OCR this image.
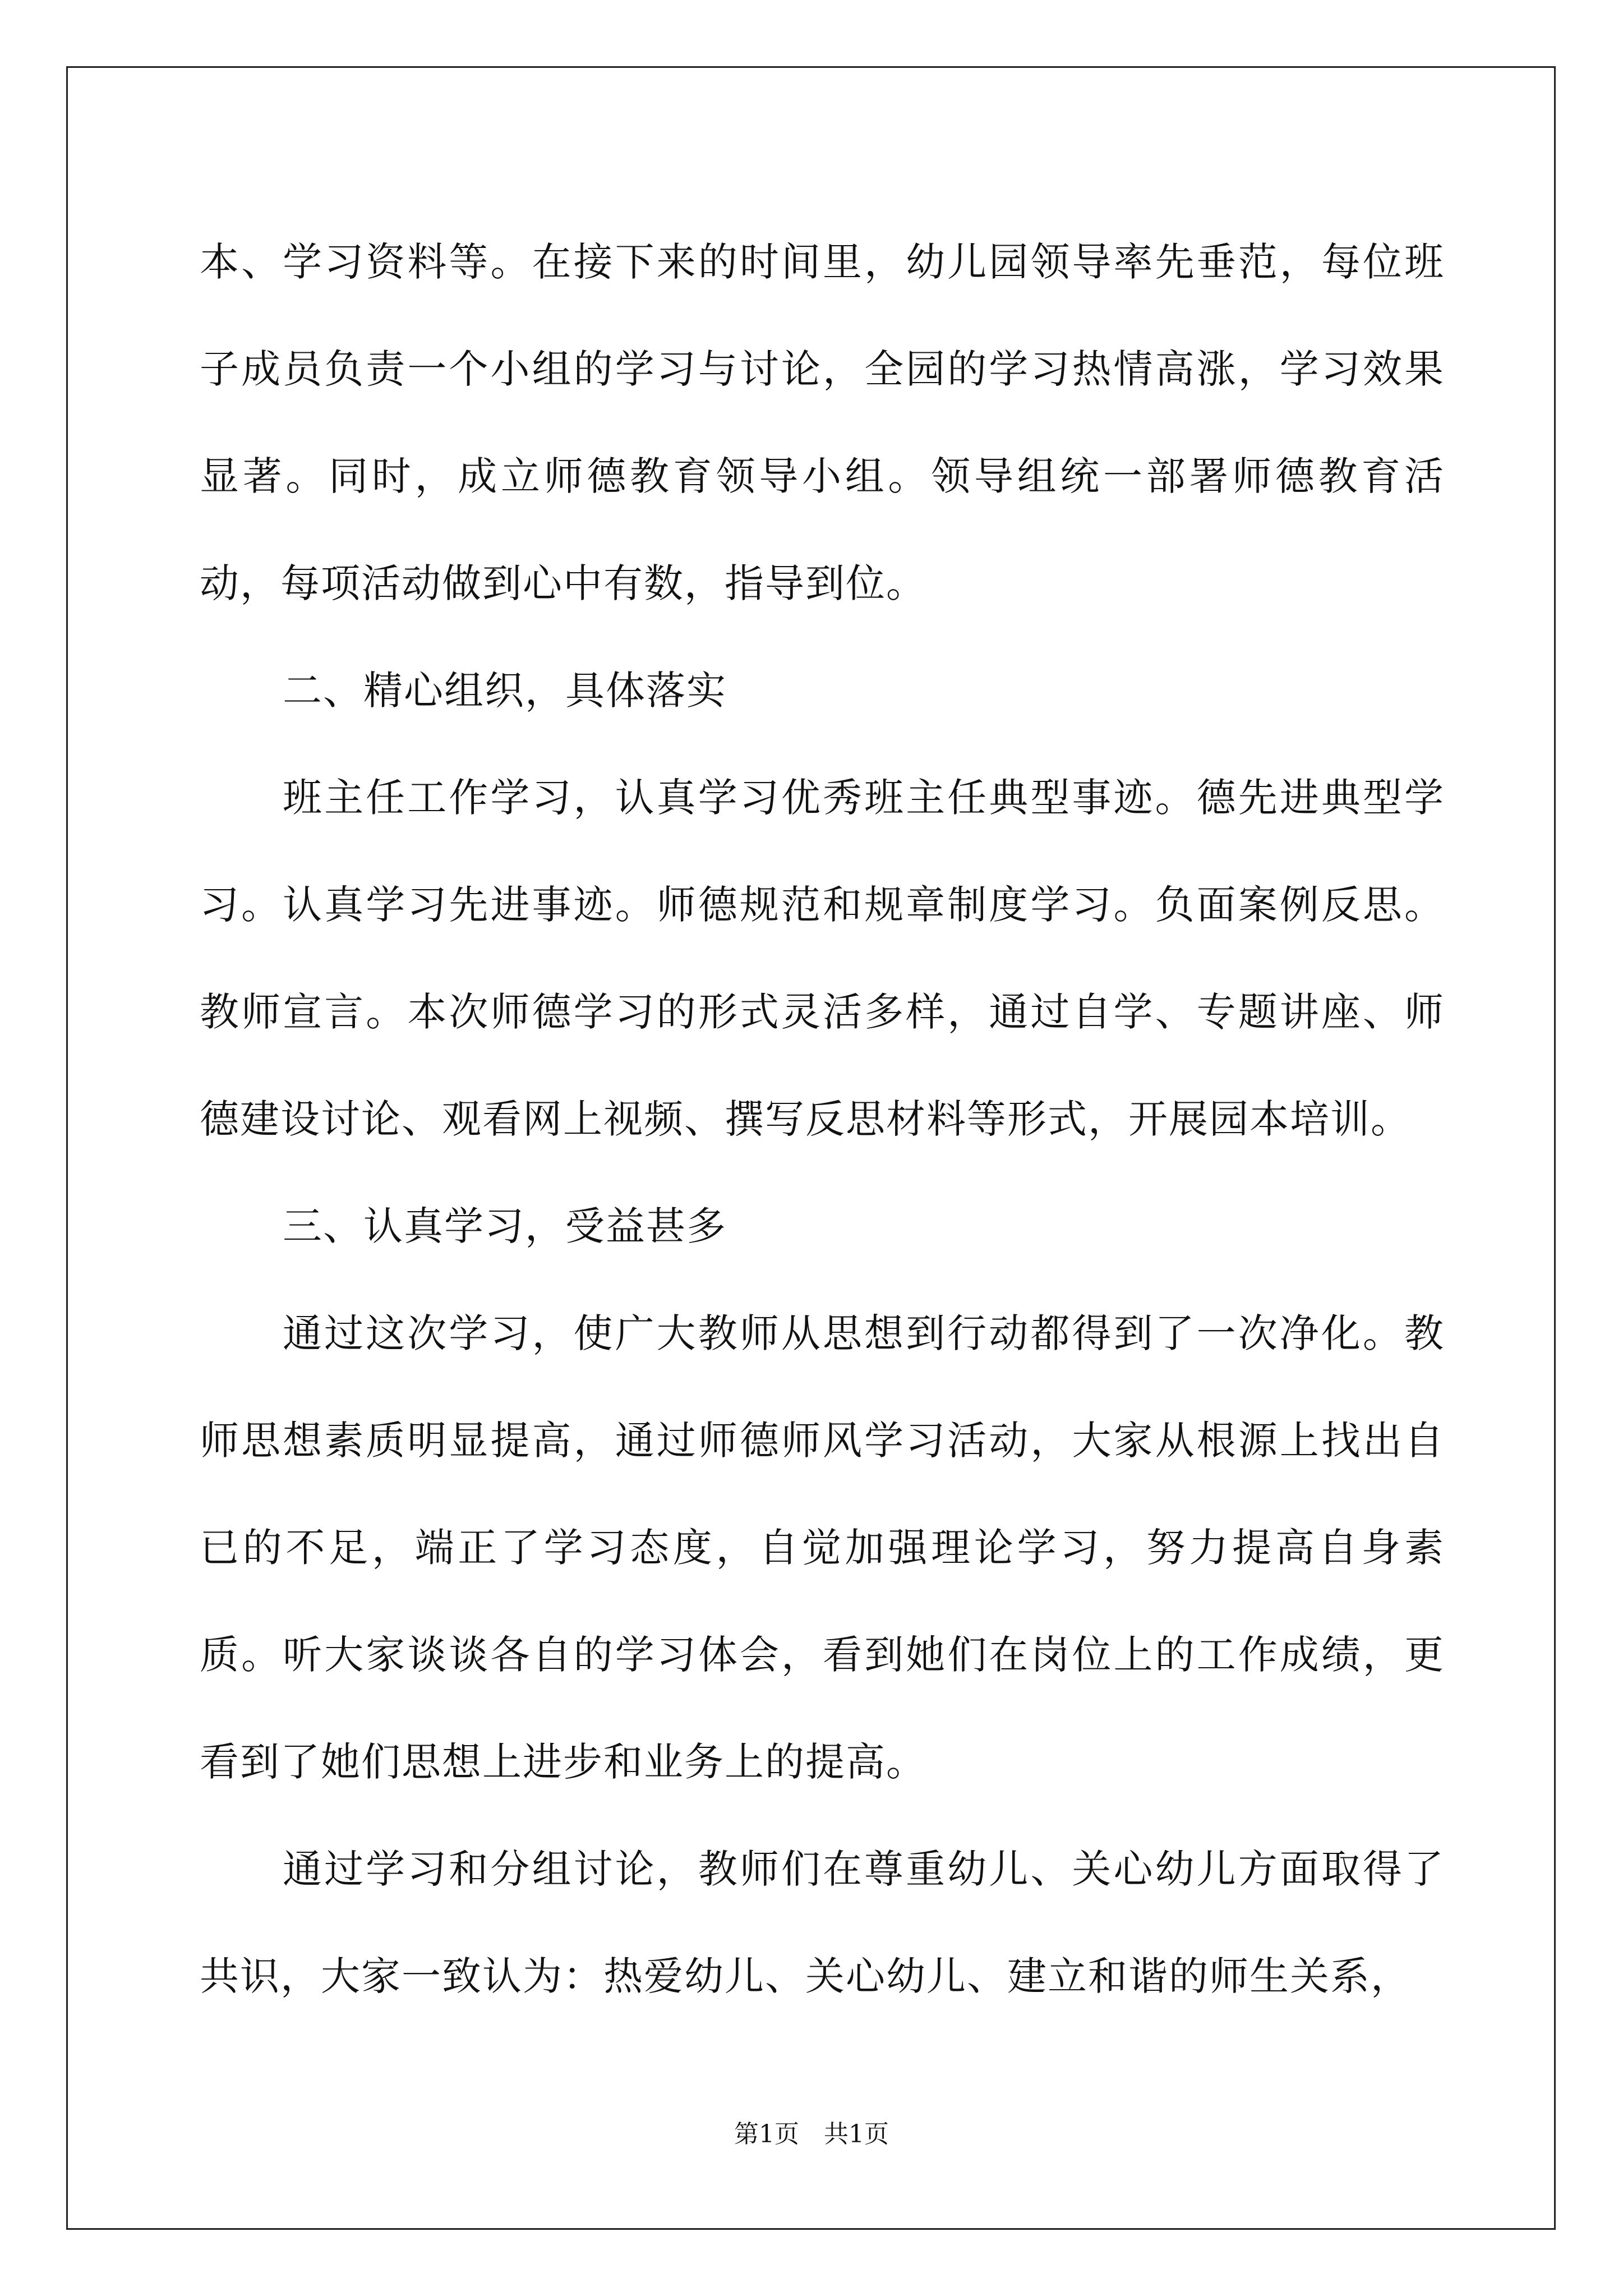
本、学习资料等。在接下来的时间里，幼儿园领导率先垂范，每位班子成员负责一个小组的学习与讨论，全园的学习热情高涨，学习效果显著。同时，成立师德教育领导小组。领导组统一部署师德教育活动，每项活动做到心中有数，指导到位。

二、精心组织，具体落实

班主任工作学习，认真学习优秀班主任典型事迹。德先进典型学习。认真学习先进事迹。师德规范和规章制度学习。负面案例反思。教师宣言。本次师德学习的形式灵活多样，通过自学、专题讲座、师德建设讨论、观看网上视频、撰写反思材料等形式，开展园本培训。

三、认真学习，受益甚多

通过这次学习，使广大教师从思想到行动都得到了一次净化。教师思想素质明显提高，通过师德师风学习活动，大家从根源上找出自已的不足，端正了学习态度，自觉加强理论学习，努力提高自身素质。听大家谈谈各自的学习体会，看到她们在岗位上的工作成绩，更看到了她们思想上进步和业务上的提高。

通过学习和分组讨论，教师们在尊重幼儿、关心幼儿方面取得了共识，大家一致认为：热爱幼儿、关心幼儿、建立和谐的师生关系，

第1页　共1页
